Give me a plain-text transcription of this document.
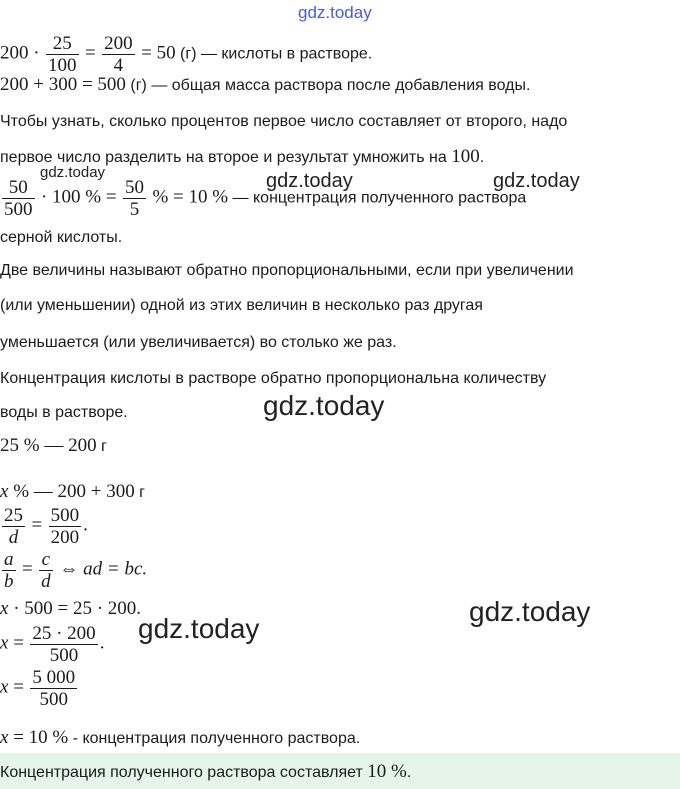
$200 \cdot \frac{25}{100} = \frac{200}{4} = 50$ (г) — кислоты в растворе.
200 + 300 = 500 (г) — общая масса раствора после добавления воды.
Чтобы узнать, сколько процентов первое число составляет от второго, надо
первое число разделить на второе и результат умножить на 100.
$\frac{50}{500} \cdot 100$ % = $\frac{50}{5}$ % = 10 % — концентрация полученного раствора
серной кислоты.
Две величины называют обратно пропорциональными, если при увеличении
(или уменьшении) одной из этих величин в несколько раз другая
уменьшается (или увеличивается) во столько же раз.
Концентрация кислоты в растворе обратно пропорциональна количеству
воды в растворе.
25 % — 200 г
x % — 200 + 300 г
$\frac{25}{d} = \frac{500}{200}$ .
$\frac{a}{b} = \frac{c}{d}$ ⇔ ad = bc.
x · 500 = 25 · 200.
$x = \frac{25 \cdot 200}{500}$ .
$x = \frac{5 000}{500}$
x = 10 % - концентрация полученного раствора.
Концентрация полученного раствора составляет 10 %.
gdz.today
gdz.today	gdz.today	gdz.today
gdz.today
gdz.today
gdz.today
